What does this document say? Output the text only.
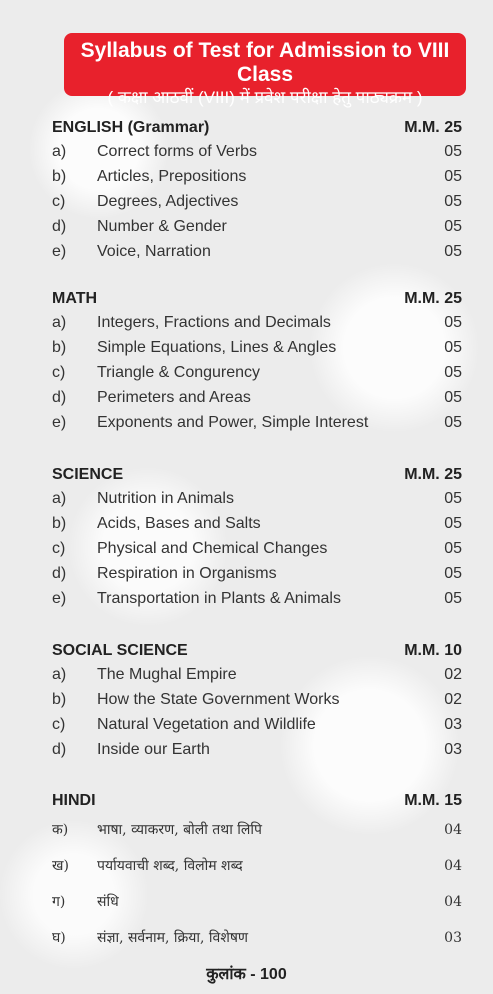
Syllabus of Test for Admission to VIII Class
( कक्षा आठवीं (VIII) में प्रवेश परीक्षा हेतु पाठ्यक्रम )
ENGLISH (Grammar)	M.M. 25
a)	Correct forms of Verbs	05
b)	Articles, Prepositions	05
c)	Degrees, Adjectives	05
d)	Number & Gender	05
e)	Voice, Narration	05
MATH	M.M. 25
a)	Integers, Fractions and Decimals	05
b)	Simple Equations, Lines & Angles	05
c)	Triangle & Congurency	05
d)	Perimeters and Areas	05
e)	Exponents and Power, Simple Interest	05
SCIENCE	M.M. 25
a)	Nutrition in Animals	05
b)	Acids, Bases and Salts	05
c)	Physical and Chemical Changes	05
d)	Respiration in Organisms	05
e)	Transportation in Plants & Animals	05
SOCIAL SCIENCE	M.M. 10
a)	The Mughal Empire	02
b)	How the State Government Works	02
c)	Natural Vegetation and Wildlife	03
d)	Inside our Earth	03
HINDI	M.M. 15
क)	भाषा, व्याकरण, बोली तथा लिपि	04
ख)	पर्यायवाची शब्द, विलोम शब्द	04
ग)	संधि	04
घ)	संज्ञा, सर्वनाम, क्रिया, विशेषण	03
कुलांक - 100
